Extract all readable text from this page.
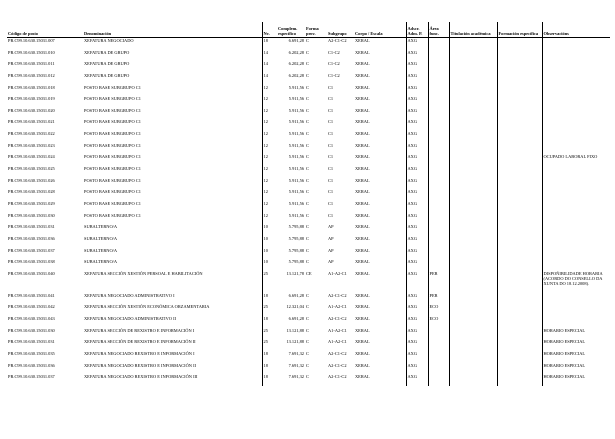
Código de posto	Denominación	Nv.	Complem. específico	Forma prov.	Subgrupo	Corpo / Escala	Adscr. Adm. P.	Área func.	Titulación académica	Formación específica	Observacións
PR.C99.10.630.15031.007	XEFATURA NEGOCIADO	18	6.691,28	C	A2-C1-C2	XERAL	AXG				
PR.C99.10.630.15031.010	XEFATURA DE GRUPO	14	6.202,28	C	C1-C2	XERAL	AXG				
PR.C99.10.630.15031.011	XEFATURA DE GRUPO	14	6.202,28	C	C1-C2	XERAL	AXG				
PR.C99.10.630.15031.012	XEFATURA DE GRUPO	14	6.202,28	C	C1-C2	XERAL	AXG				
PR.C99.10.630.15031.018	POSTO BASE SUBGRUPO C1	12	5.911,56	C	C1	XERAL	AXG				
PR.C99.10.630.15031.019	POSTO BASE SUBGRUPO C1	12	5.911,56	C	C1	XERAL	AXG				
PR.C99.10.630.15031.020	POSTO BASE SUBGRUPO C1	12	5.911,56	C	C1	XERAL	AXG				
PR.C99.10.630.15031.021	POSTO BASE SUBGRUPO C1	12	5.911,56	C	C1	XERAL	AXG				
PR.C99.10.630.15031.022	POSTO BASE SUBGRUPO C1	12	5.911,56	C	C1	XERAL	AXG				
PR.C99.10.630.15031.023	POSTO BASE SUBGRUPO C1	12	5.911,56	C	C1	XERAL	AXG				
PR.C99.10.630.15031.024	POSTO BASE SUBGRUPO C1	12	5.911,56	C	C1	XERAL	AXG				OCUPADO LABORAL FIXO
PR.C99.10.630.15031.025	POSTO BASE SUBGRUPO C1	12	5.911,56	C	C1	XERAL	AXG				
PR.C99.10.630.15031.026	POSTO BASE SUBGRUPO C1	12	5.911,56	C	C1	XERAL	AXG				
PR.C99.10.630.15031.028	POSTO BASE SUBGRUPO C1	12	5.911,56	C	C1	XERAL	AXG				
PR.C99.10.630.15031.029	POSTO BASE SUBGRUPO C1	12	5.911,56	C	C1	XERAL	AXG				
PR.C99.10.630.15031.030	POSTO BASE SUBGRUPO C1	12	5.911,56	C	C1	XERAL	AXG				
PR.C99.10.630.15031.031	SUBALTERNO/A	10	5.795,88	C	AP	XERAL	AXG				
PR.C99.10.630.15031.036	SUBALTERNO/A	10	5.795,88	C	AP	XERAL	AXG				
PR.C99.10.630.15031.037	SUBALTERNO/A	10	5.795,88	C	AP	XERAL	AXG				
PR.C99.10.630.15031.038	SUBALTERNO/A	10	5.795,88	C	AP	XERAL	AXG				
PR.C99.10.630.15031.040	XEFATURA SECCIÓN XESTIÓN PERSOAL E HABILITACIÓN	25	13.121,78	CE	A1-A2-C1	XERAL	AXG	PER			DISPOÑIBILIDADE HORARIA (ACORDO DO CONSELLO DA XUNTA DO 18.12.2008).
PR.C99.10.630.15031.041	XEFATURA NEGOCIADO ADMINISTRATIVO I	18	6.691,28	C	A2-C1-C2	XERAL	AXG	PER			
PR.C99.10.630.15031.042	XEFATURA SECCIÓN XESTIÓN ECONÓMICA ORZAMENTARIA	25	12.321,04	C	A1-A2-C1	XERAL	AXG	ECO			
PR.C99.10.630.15031.043	XEFATURA NEGOCIADO ADMINISTRATIVO II	18	6.691,28	C	A2-C1-C2	XERAL	AXG	ECO			
PR.C99.10.630.15031.030	XEFATURA SECCIÓN DE REXISTRO E INFORMACIÓN I	25	13.121,88	C	A1-A2-C1	XERAL	AXG				HORARIO ESPECIAL
PR.C99.10.630.15031.031	XEFATURA SECCIÓN DE REXISTRO E INFORMACIÓN II	25	13.121,88	C	A1-A2-C1	XERAL	AXG				HORARIO ESPECIAL
PR.C99.10.630.15031.035	XEFATURA NEGOCIADO REXISTRO E INFORMACIÓN I	18	7.691,32	C	A2-C1-C2	XERAL	AXG				HORARIO ESPECIAL
PR.C99.10.630.15031.036	XEFATURA NEGOCIADO REXISTRO E INFORMACIÓN II	18	7.691,32	C	A2-C1-C2	XERAL	AXG				HORARIO ESPECIAL
PR.C99.10.630.15031.037	XEFATURA NEGOCIADO REXISTRO E INFORMACIÓN III	18	7.691,32	C	A2-C1-C2	XERAL	AXG				HORARIO ESPECIAL
